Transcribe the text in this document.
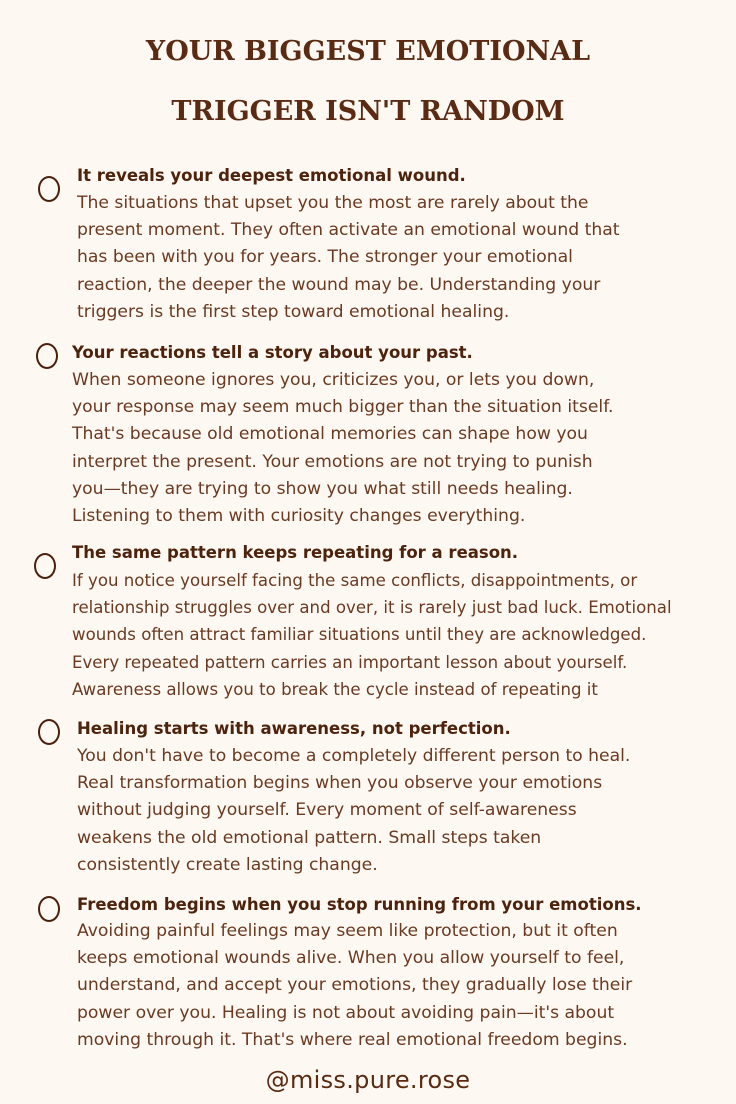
YOUR BIGGEST EMOTIONAL
TRIGGER ISN'T RANDOM
It reveals your deepest emotional wound.
The situations that upset you the most are rarely about the
present moment. They often activate an emotional wound that
has been with you for years. The stronger your emotional
reaction, the deeper the wound may be. Understanding your
triggers is the first step toward emotional healing.
Your reactions tell a story about your past.
When someone ignores you, criticizes you, or lets you down,
your response may seem much bigger than the situation itself.
That's because old emotional memories can shape how you
interpret the present. Your emotions are not trying to punish
you—they are trying to show you what still needs healing.
Listening to them with curiosity changes everything.
The same pattern keeps repeating for a reason.
If you notice yourself facing the same conflicts, disappointments, or
relationship struggles over and over, it is rarely just bad luck. Emotional
wounds often attract familiar situations until they are acknowledged.
Every repeated pattern carries an important lesson about yourself.
Awareness allows you to break the cycle instead of repeating it
Healing starts with awareness, not perfection.
You don't have to become a completely different person to heal.
Real transformation begins when you observe your emotions
without judging yourself. Every moment of self-awareness
weakens the old emotional pattern. Small steps taken
consistently create lasting change.
Freedom begins when you stop running from your emotions.
Avoiding painful feelings may seem like protection, but it often
keeps emotional wounds alive. When you allow yourself to feel,
understand, and accept your emotions, they gradually lose their
power over you. Healing is not about avoiding pain—it's about
moving through it. That's where real emotional freedom begins.
@miss.pure.rose
